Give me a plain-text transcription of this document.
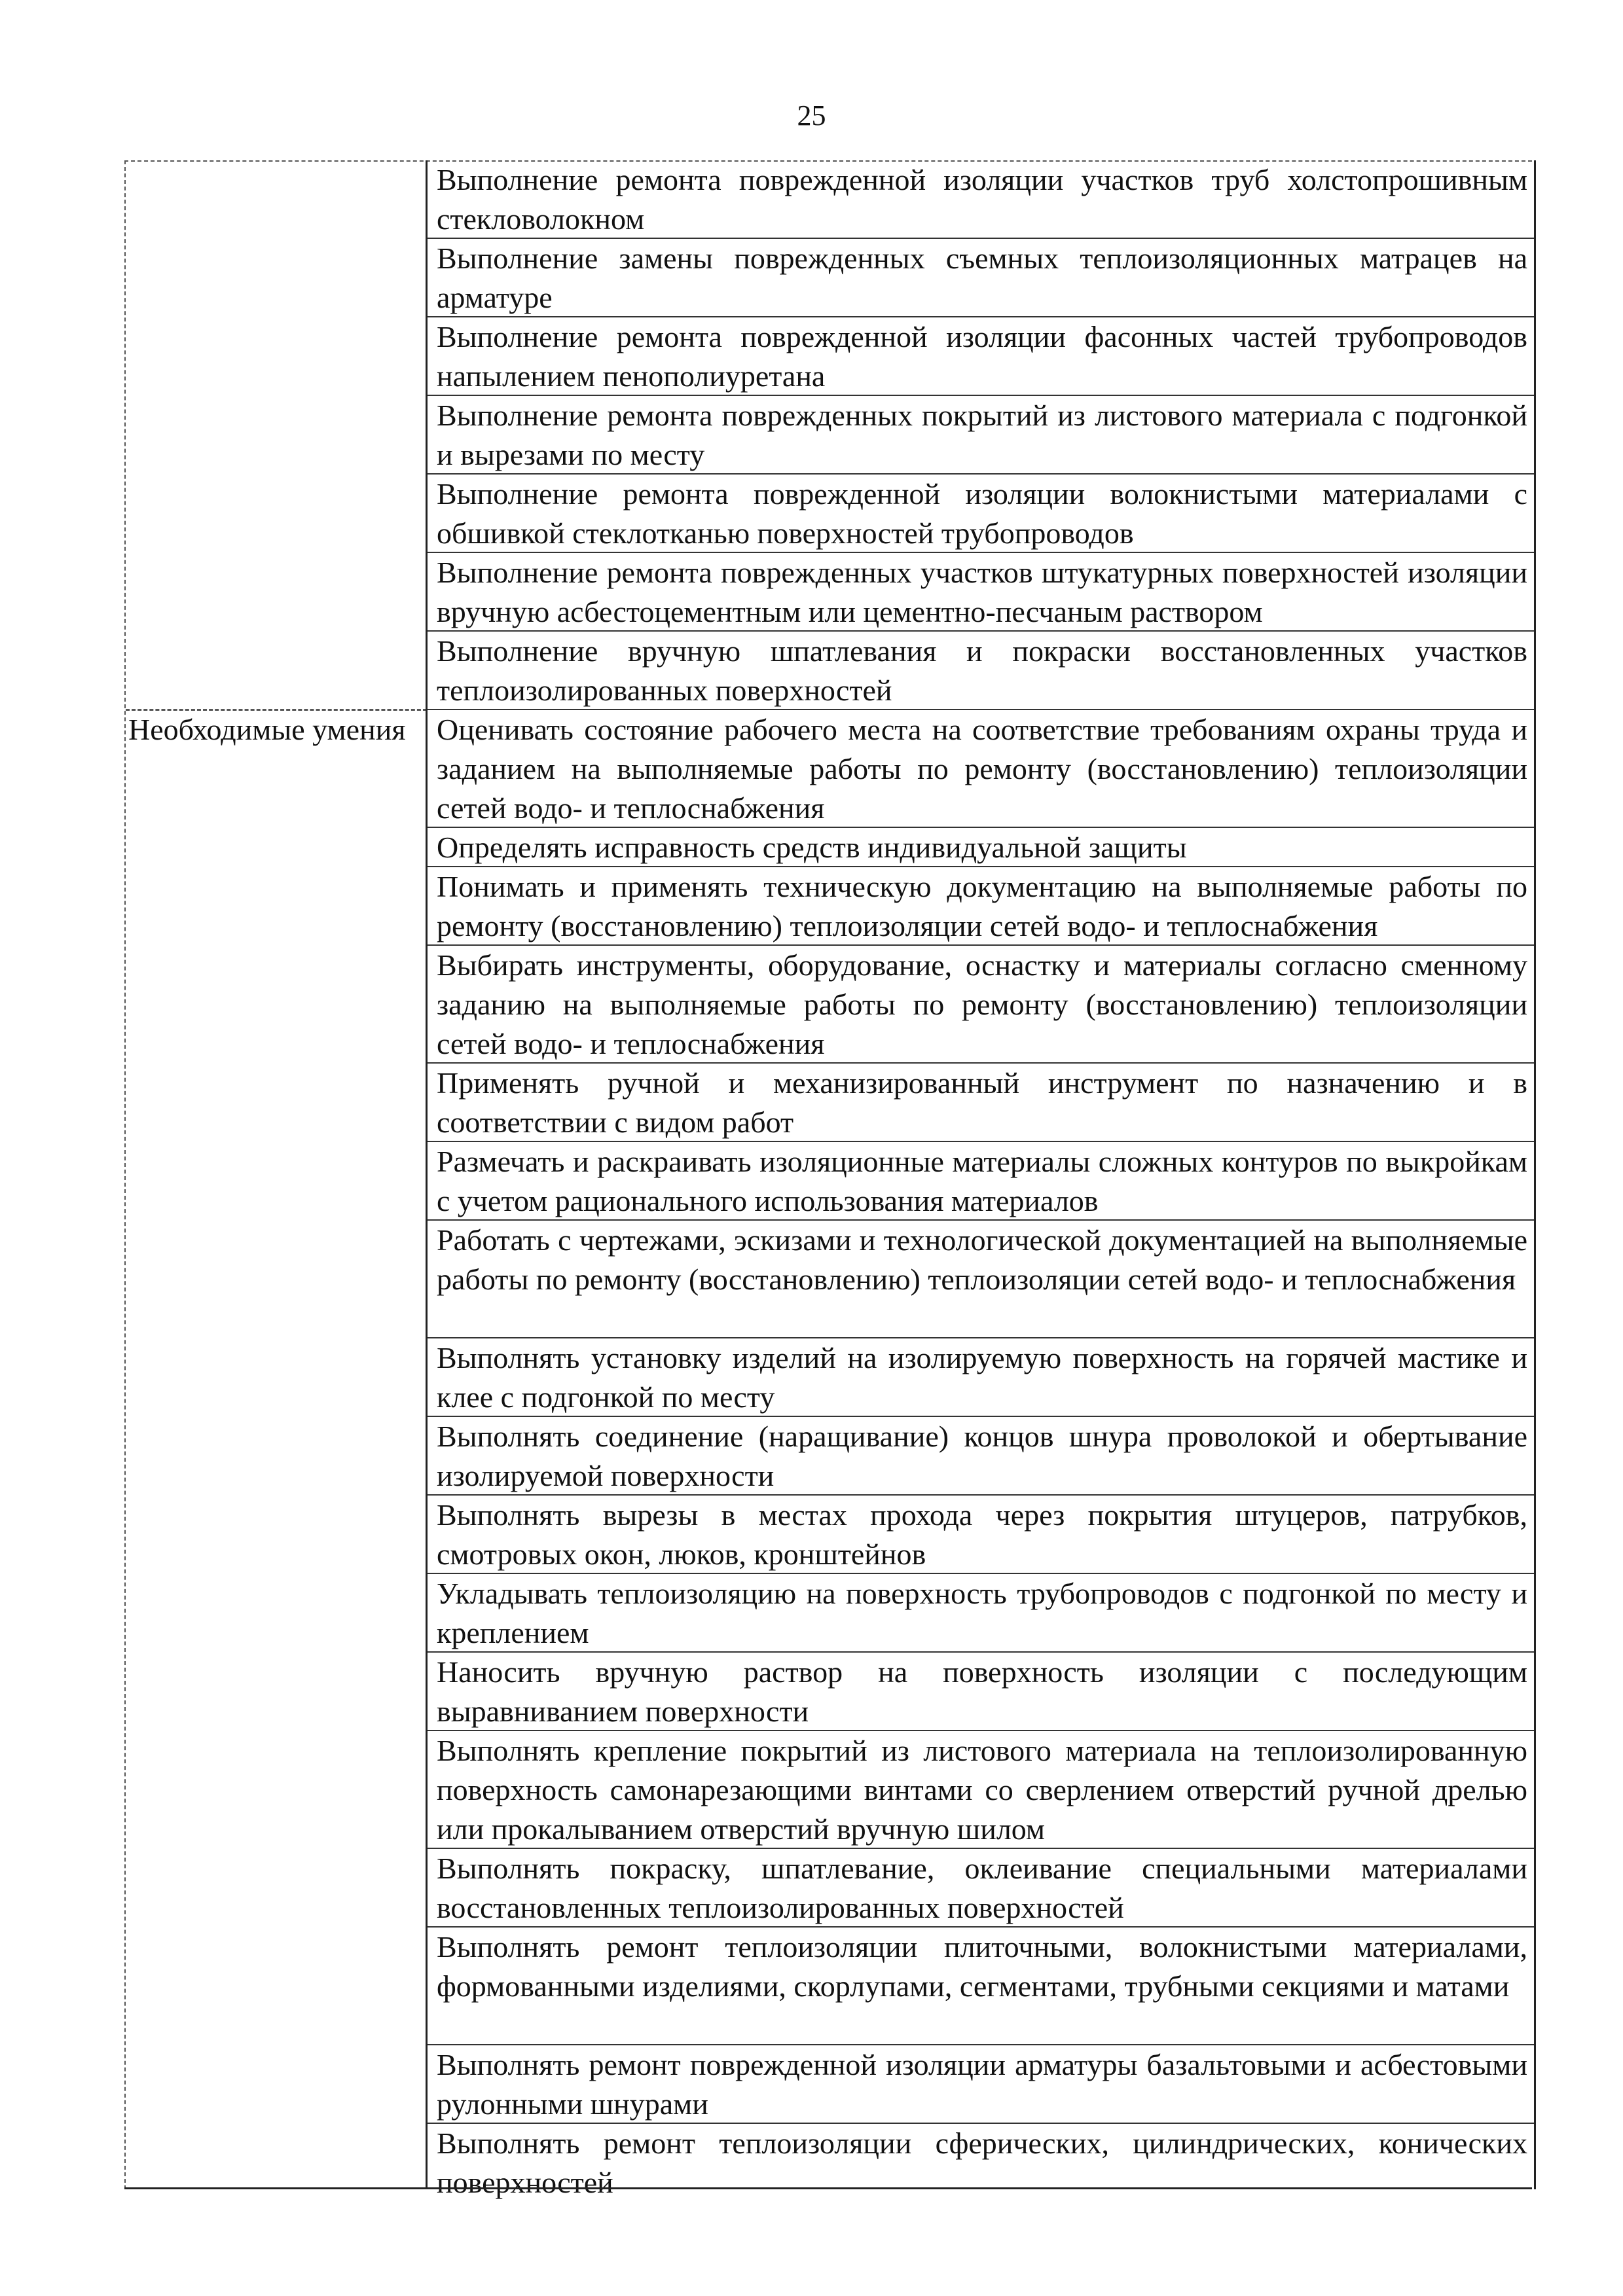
25
Необходимые умения
Выполнение ремонта поврежденной изоляции участков труб холстопрошивным стекловолокном
Выполнение замены поврежденных съемных теплоизоляционных матрацев на арматуре
Выполнение ремонта поврежденной изоляции фасонных частей трубопроводов напылением пенополиуретана
Выполнение ремонта поврежденных покрытий из листового материала с подгонкой и вырезами по месту
Выполнение ремонта поврежденной изоляции волокнистыми материалами с обшивкой стеклотканью поверхностей трубопроводов
Выполнение ремонта поврежденных участков штукатурных поверхностей изоляции вручную асбестоцементным или цементно-песчаным раствором
Выполнение вручную шпатлевания и покраски восстановленных участков теплоизолированных поверхностей
Оценивать состояние рабочего места на соответствие требованиям охраны труда и заданием на выполняемые работы по ремонту (восстановлению) теплоизоляции сетей водо- и теплоснабжения
Определять исправность средств индивидуальной защиты
Понимать и применять техническую документацию на выполняемые работы по ремонту (восстановлению) теплоизоляции сетей водо- и теплоснабжения
Выбирать инструменты, оборудование, оснастку и материалы согласно сменному заданию на выполняемые работы по ремонту (восстановлению) теплоизоляции сетей водо- и теплоснабжения
Применять ручной и механизированный инструмент по назначению и в соответствии с видом работ
Размечать и раскраивать изоляционные материалы сложных контуров по выкройкам с учетом рационального использования материалов
Работать с чертежами, эскизами и технологической документацией на выполняемые работы по ремонту (восстановлению) теплоизоляции сетей водо- и теплоснабжения
Выполнять установку изделий на изолируемую поверхность на горячей мастике и клее с подгонкой по месту
Выполнять соединение (наращивание) концов шнура проволокой и обертывание изолируемой поверхности
Выполнять вырезы в местах прохода через покрытия штуцеров, патрубков, смотровых окон, люков, кронштейнов
Укладывать теплоизоляцию на поверхность трубопроводов с подгонкой по месту и креплением
Наносить вручную раствор на поверхность изоляции с последующим выравниванием поверхности
Выполнять крепление покрытий из листового материала на теплоизолированную поверхность самонарезающими винтами со сверлением отверстий ручной дрелью или прокалыванием отверстий вручную шилом
Выполнять покраску, шпатлевание, оклеивание специальными материалами восстановленных теплоизолированных поверхностей
Выполнять ремонт теплоизоляции плиточными, волокнистыми материалами, формованными изделиями, скорлупами, сегментами, трубными секциями и матами
Выполнять ремонт поврежденной изоляции арматуры базальтовыми и асбестовыми рулонными шнурами
Выполнять ремонт теплоизоляции сферических, цилиндрических, конических поверхностей
